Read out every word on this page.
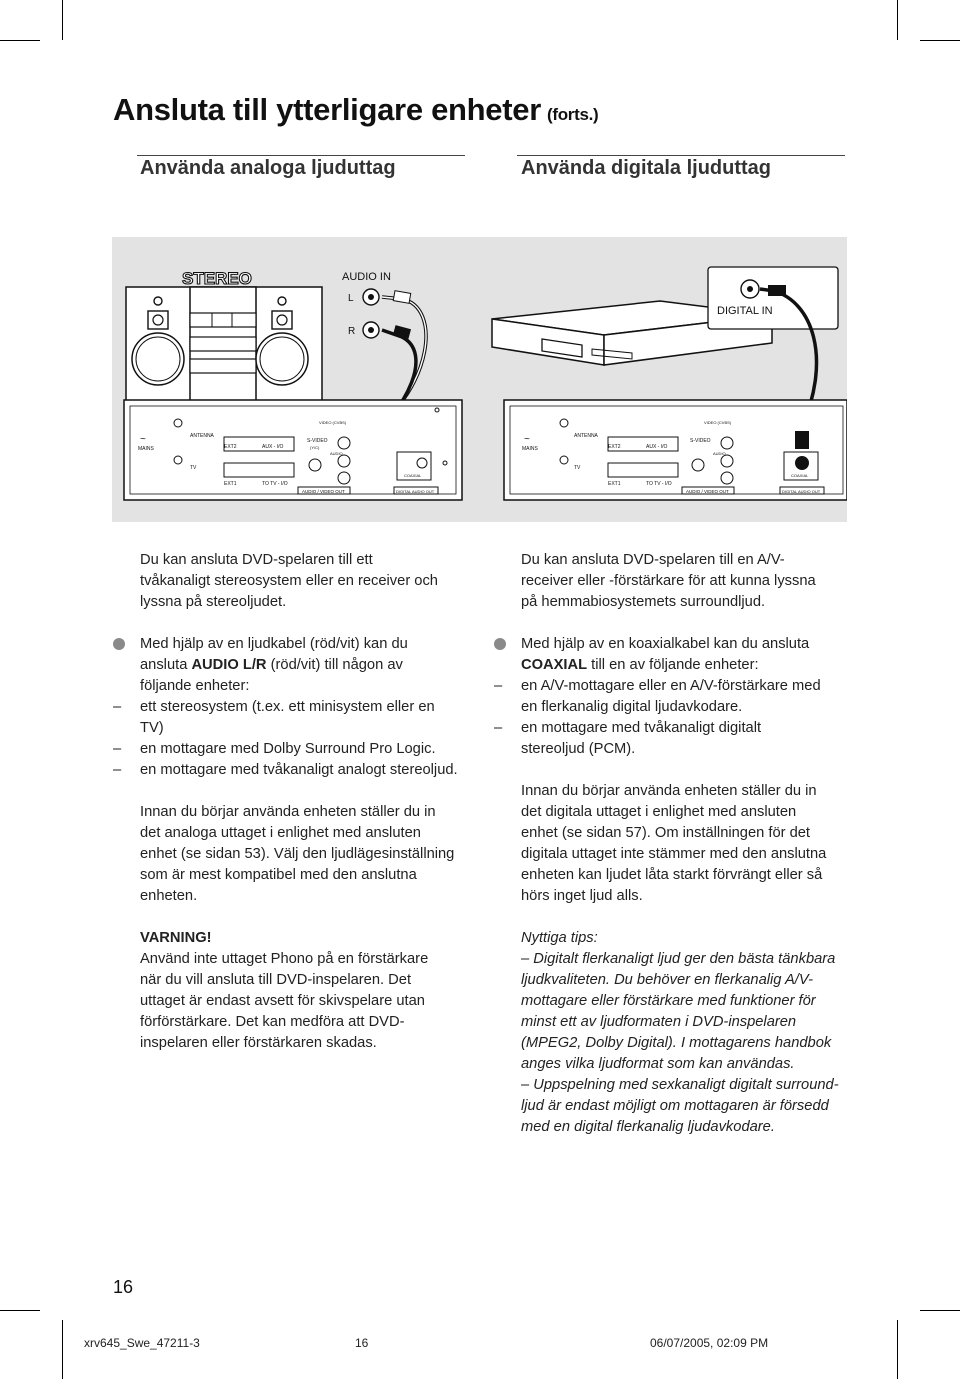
Ansluta till ytterligare enheter (forts.)
Använda analoga ljuduttag	Använda digitala ljuduttag
STEREO	AUDIO IN
L
R
MAINS
~	ANTENNA
TV
EXT2	AUX - I/O
EXT1	TO TV - I/O
S-VIDEO
(Y/C)
VIDEO (CVBS)
AUDIO
AUDIO / VIDEO OUT
COAXIAL
DIGITAL AUDIO OUT
DIGITAL IN
MAINS
~	ANTENNA
TV
EXT2	AUX - I/O
EXT1	TO TV - I/O
S-VIDEO
VIDEO (CVBS)
AUDIO
AUDIO / VIDEO OUT
COAXIAL
DIGITAL AUDIO OUT

Du kan ansluta DVD-spelaren till ett

tvåkanaligt stereosystem eller en receiver och

lyssna på stereoljudet.

Med hjälp av en ljudkabel (röd/vit) kan du

ansluta AUDIO L/R (röd/vit) till någon av

följande enheter:

– ett stereosystem (t.ex. ett minisystem eller en

TV)

– en mottagare med Dolby Surround Pro Logic.

– en mottagare med tvåkanaligt analogt stereoljud.

Innan du börjar använda enheten ställer du in

det analoga uttaget i enlighet med ansluten

enhet (se sidan 53). Välj den ljudlägesinställning

som är mest kompatibel med den anslutna

enheten.

VARNING!

Använd inte uttaget Phono på en förstärkare

när du vill ansluta till DVD-inspelaren. Det

uttaget är endast avsett för skivspelare utan

förförstärkare. Det kan medföra att DVD-

inspelaren eller förstärkaren skadas.

Du kan ansluta DVD-spelaren till en A/V-

receiver eller -förstärkare för att kunna lyssna

på hemmabiosystemets surroundljud.

Med hjälp av en koaxialkabel kan du ansluta

COAXIAL till en av följande enheter:

– en A/V-mottagare eller en A/V-förstärkare med

en flerkanalig digital ljudavkodare.

– en mottagare med tvåkanaligt digitalt

stereoljud (PCM).

Innan du börjar använda enheten ställer du in

det digitala uttaget i enlighet med ansluten

enhet (se sidan 57). Om inställningen för det

digitala uttaget inte stämmer med den anslutna

enheten kan ljudet låta starkt förvrängt eller så

hörs inget ljud alls.

Nyttiga tips:

– Digitalt flerkanaligt ljud ger den bästa tänkbara

ljudkvaliteten. Du behöver en flerkanalig A/V-

mottagare eller förstärkare med funktioner för

minst ett av ljudformaten i DVD-inspelaren

(MPEG2, Dolby Digital). I mottagarens handbok

anges vilka ljudformat som kan användas.

– Uppspelning med sexkanaligt digitalt surround-

ljud är endast möjligt om mottagaren är försedd

med en digital flerkanalig ljudavkodare.

16
xrv645_Swe_47211-3	16	06/07/2005, 02:09 PM
